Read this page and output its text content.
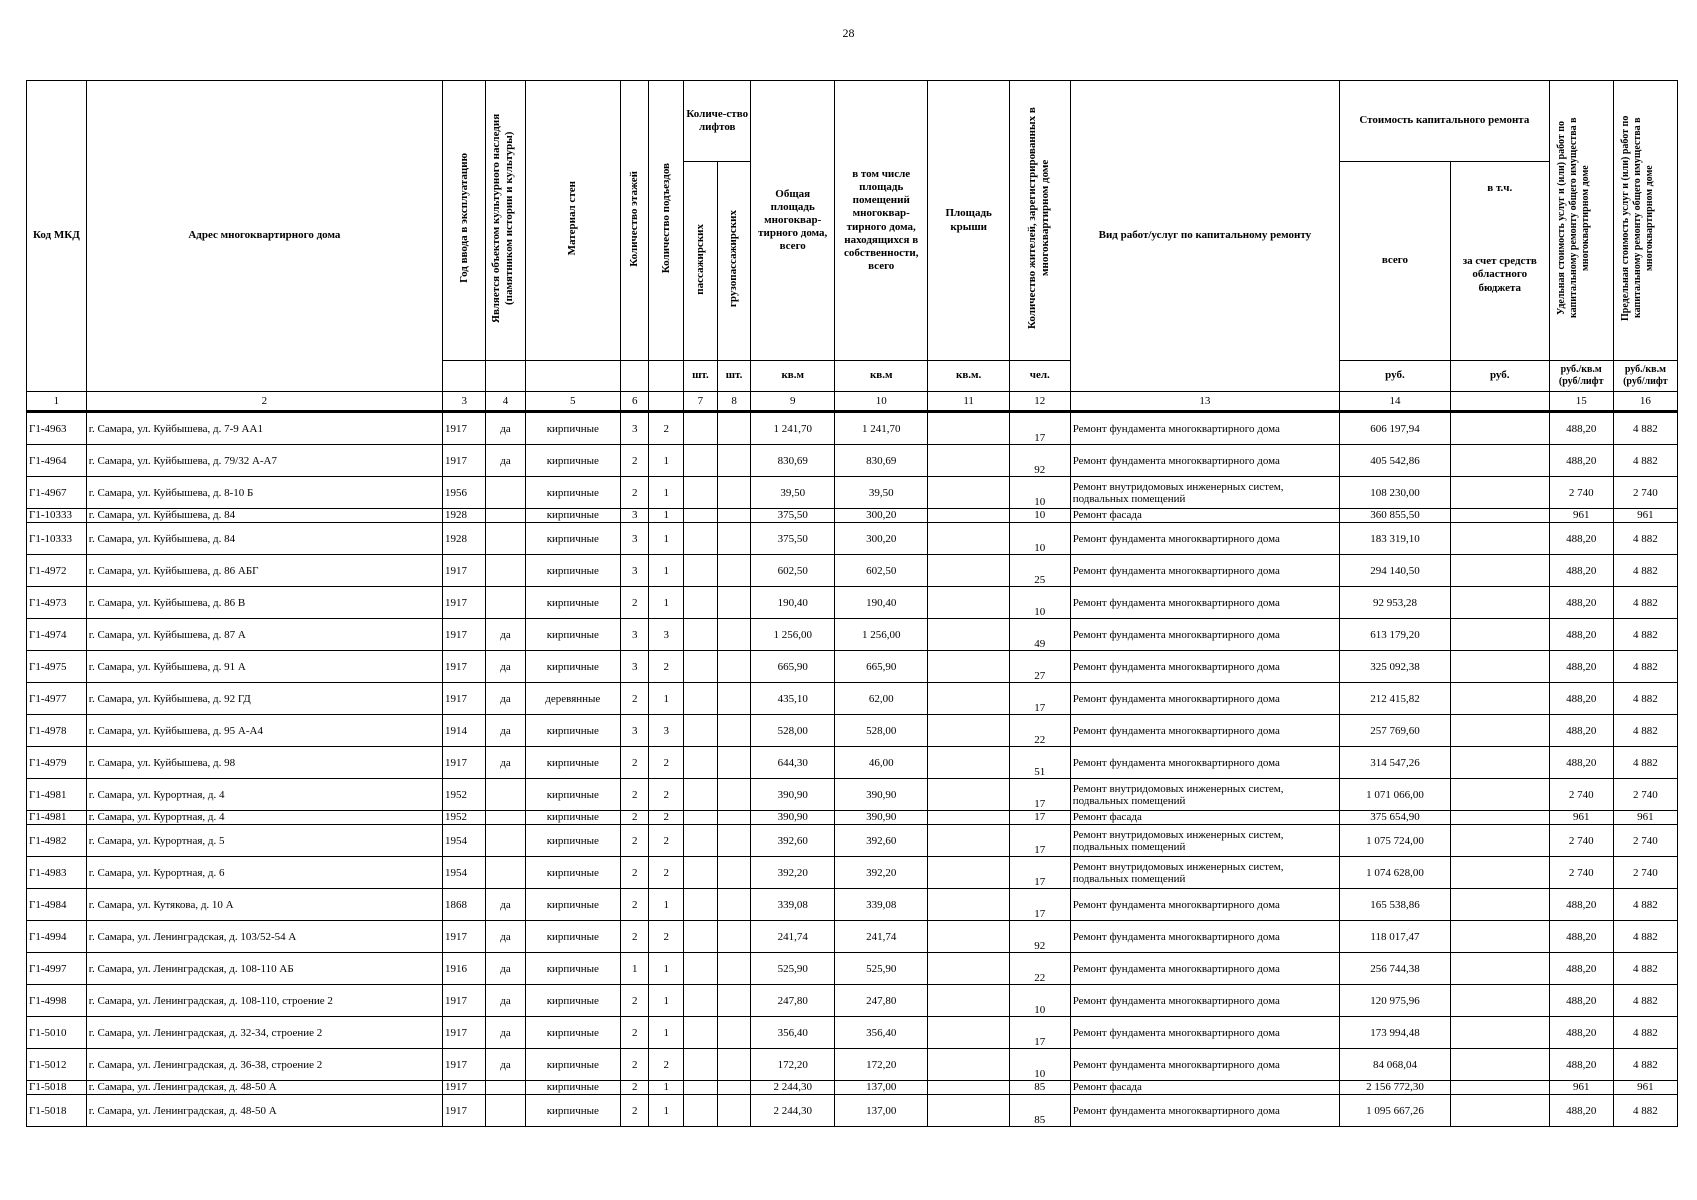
28
Код МКД	Адрес многоквартирного дома	Год ввода в эксплуатацию	Является объектом культурного наследия (памятником истории и культуры)	Материал стен	Количество этажей	Количество подъездов	Количе-ство лифтов		Общая площадь многоквар-тирного дома, всего	в том числе площадь помещений многоквар-тирного дома, находящихся в собственности, всего	Площадь крыши	Количество жителей, зарегистрированных в многоквартирном доме	Вид работ/услуг по капитальному ремонту	Стоимость капитального ремонта		Удельная стоимость услуг и (или) работ по капитальному ремонту общего имущества в многоквартирном доме	Предельная стоимость услуг и (или) работ по капитальному ремонту общего имущества в многоквартирном доме
							пассажирских	грузопассажирских						всего	в т.ч.
за счет средств областного бюджета		

							шт.	шт.	кв.м	кв.м	кв.м.	чел.		руб.	руб.	руб./кв.м (руб/лифт	руб./кв.м (руб/лифт
1	2	3	4	5	6		7	8	9	10	11	12	13	14		15	16
Г1-4963	г. Самара, ул. Куйбышева, д. 7-9 АА1	1917	да	кирпичные	3	2			1 241,70	1 241,70		17	Ремонт фундамента многоквартирного дома	606 197,94		488,20	4 882
Г1-4964	г. Самара, ул. Куйбышева, д. 79/32 А-А7	1917	да	кирпичные	2	1			830,69	830,69		92	Ремонт фундамента многоквартирного дома	405 542,86		488,20	4 882
Г1-4967	г. Самара, ул. Куйбышева, д. 8-10 Б	1956		кирпичные	2	1			39,50	39,50		10	Ремонт внутридомовых инженерных систем, подвальных помещений	108 230,00		2 740	2 740
Г1-10333	г. Самара, ул. Куйбышева, д. 84	1928		кирпичные	3	1			375,50	300,20		10	Ремонт фасада	360 855,50		961	961
Г1-10333	г. Самара, ул. Куйбышева, д. 84	1928		кирпичные	3	1			375,50	300,20		10	Ремонт фундамента многоквартирного дома	183 319,10		488,20	4 882
Г1-4972	г. Самара, ул. Куйбышева, д. 86 АБГ	1917		кирпичные	3	1			602,50	602,50		25	Ремонт фундамента многоквартирного дома	294 140,50		488,20	4 882
Г1-4973	г. Самара, ул. Куйбышева, д. 86 В	1917		кирпичные	2	1			190,40	190,40		10	Ремонт фундамента многоквартирного дома	92 953,28		488,20	4 882
Г1-4974	г. Самара, ул. Куйбышева, д. 87 А	1917	да	кирпичные	3	3			1 256,00	1 256,00		49	Ремонт фундамента многоквартирного дома	613 179,20		488,20	4 882
Г1-4975	г. Самара, ул. Куйбышева, д. 91 А	1917	да	кирпичные	3	2			665,90	665,90		27	Ремонт фундамента многоквартирного дома	325 092,38		488,20	4 882
Г1-4977	г. Самара, ул. Куйбышева, д. 92 ГД	1917	да	деревянные	2	1			435,10	62,00		17	Ремонт фундамента многоквартирного дома	212 415,82		488,20	4 882
Г1-4978	г. Самара, ул. Куйбышева, д. 95 А-А4	1914	да	кирпичные	3	3			528,00	528,00		22	Ремонт фундамента многоквартирного дома	257 769,60		488,20	4 882
Г1-4979	г. Самара, ул. Куйбышева, д. 98	1917	да	кирпичные	2	2			644,30	46,00		51	Ремонт фундамента многоквартирного дома	314 547,26		488,20	4 882
Г1-4981	г. Самара, ул. Курортная, д. 4	1952		кирпичные	2	2			390,90	390,90		17	Ремонт внутридомовых инженерных систем, подвальных помещений	1 071 066,00		2 740	2 740
Г1-4981	г. Самара, ул. Курортная, д. 4	1952		кирпичные	2	2			390,90	390,90		17	Ремонт фасада	375 654,90		961	961
Г1-4982	г. Самара, ул. Курортная, д. 5	1954		кирпичные	2	2			392,60	392,60		17	Ремонт внутридомовых инженерных систем, подвальных помещений	1 075 724,00		2 740	2 740
Г1-4983	г. Самара, ул. Курортная, д. 6	1954		кирпичные	2	2			392,20	392,20		17	Ремонт внутридомовых инженерных систем, подвальных помещений	1 074 628,00		2 740	2 740
Г1-4984	г. Самара, ул. Кутякова, д. 10 А	1868	да	кирпичные	2	1			339,08	339,08		17	Ремонт фундамента многоквартирного дома	165 538,86		488,20	4 882
Г1-4994	г. Самара, ул. Ленинградская, д. 103/52-54 А	1917	да	кирпичные	2	2			241,74	241,74		92	Ремонт фундамента многоквартирного дома	118 017,47		488,20	4 882
Г1-4997	г. Самара, ул. Ленинградская, д. 108-110 АБ	1916	да	кирпичные	1	1			525,90	525,90		22	Ремонт фундамента многоквартирного дома	256 744,38		488,20	4 882
Г1-4998	г. Самара, ул. Ленинградская, д. 108-110, строение 2	1917	да	кирпичные	2	1			247,80	247,80		10	Ремонт фундамента многоквартирного дома	120 975,96		488,20	4 882
Г1-5010	г. Самара, ул. Ленинградская, д. 32-34, строение 2	1917	да	кирпичные	2	1			356,40	356,40		17	Ремонт фундамента многоквартирного дома	173 994,48		488,20	4 882
Г1-5012	г. Самара, ул. Ленинградская, д. 36-38, строение 2	1917	да	кирпичные	2	2			172,20	172,20		10	Ремонт фундамента многоквартирного дома	84 068,04		488,20	4 882
Г1-5018	г. Самара, ул. Ленинградская, д. 48-50 А	1917		кирпичные	2	1			2 244,30	137,00		85	Ремонт фасада	2 156 772,30		961	961
Г1-5018	г. Самара, ул. Ленинградская, д. 48-50 А	1917		кирпичные	2	1			2 244,30	137,00		85	Ремонт фундамента многоквартирного дома	1 095 667,26		488,20	4 882
